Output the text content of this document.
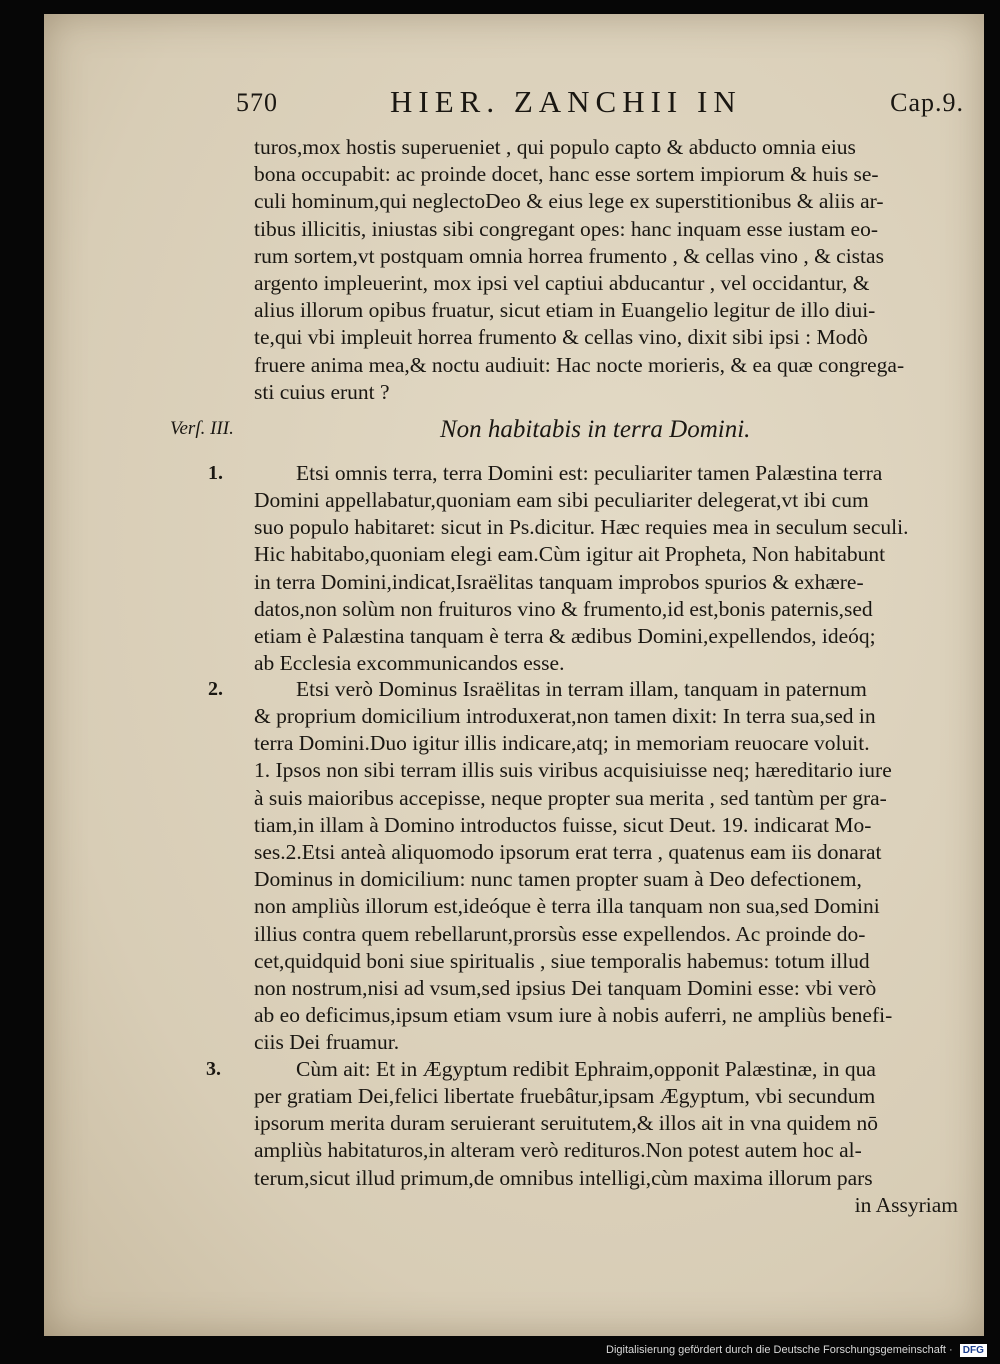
570	HIER. ZANCHII IN	Cap.9.
turos,mox hostis superueniet , qui populo capto & abducto omnia eius
bona occupabit: ac proinde docet, hanc esse sortem impiorum & huis se-
culi hominum,qui neglectoDeo & eius lege ex superstitionibus & aliis ar-
tibus illicitis, iniustas sibi congregant opes: hanc inquam esse iustam eo-
rum sortem,vt postquam omnia horrea frumento , & cellas vino , & cistas
argento impleuerint, mox ipsi vel captiui abducantur , vel occidantur, &
alius illorum opibus fruatur, sicut etiam in Euangelio legitur de illo diui-
te,qui vbi impleuit horrea frumento & cellas vino, dixit sibi ipsi : Modò
fruere anima mea,& noctu audiuit: Hac nocte morieris, & ea quæ congrega-
sti cuius erunt ?
Verſ. III.	Non habitabis in terra Domini.
1.	Etsi omnis terra, terra Domini est: peculiariter tamen Palæstina terra
Domini appellabatur,quoniam eam sibi peculiariter delegerat,vt ibi cum
suo populo habitaret: sicut in Ps.dicitur. Hæc requies mea in seculum seculi.
Hic habitabo,quoniam elegi eam.Cùm igitur ait Propheta, Non habitabunt
in terra Domini,indicat,Israëlitas tanquam improbos spurios & exhære-
datos,non solùm non fruituros vino & frumento,id est,bonis paternis,sed
etiam è Palæstina tanquam è terra & ædibus Domini,expellendos, ideóq;
ab Ecclesia excommunicandos esse.
2.	Etsi verò Dominus Israëlitas in terram illam, tanquam in paternum
& proprium domicilium introduxerat,non tamen dixit: In terra sua,sed in
terra Domini.Duo igitur illis indicare,atq; in memoriam reuocare voluit.
1. Ipsos non sibi terram illis suis viribus acquisiuisse neq; hæreditario iure
à suis maioribus accepisse, neque propter sua merita , sed tantùm per gra-
tiam,in illam à Domino introductos fuisse, sicut Deut. 19. indicarat Mo-
ses.2.Etsi anteà aliquomodo ipsorum erat terra , quatenus eam iis donarat
Dominus in domicilium: nunc tamen propter suam à Deo defectionem,
non ampliùs illorum est,ideóque è terra illa tanquam non sua,sed Domini
illius contra quem rebellarunt,prorsùs esse expellendos. Ac proinde do-
cet,quidquid boni siue spiritualis , siue temporalis habemus: totum illud
non nostrum,nisi ad vsum,sed ipsius Dei tanquam Domini esse: vbi verò
ab eo deficimus,ipsum etiam vsum iure à nobis auferri, ne ampliùs benefi-
ciis Dei fruamur.
3.	Cùm ait: Et in Ægyptum redibit Ephraim,opponit Palæstinæ, in qua
per gratiam Dei,felici libertate fruebâtur,ipsam Ægyptum, vbi secundum
ipsorum merita duram seruierant seruitutem,& illos ait in vna quidem nō
ampliùs habitaturos,in alteram verò redituros.Non potest autem hoc al-
terum,sicut illud primum,de omnibus intelligi,cùm maxima illorum pars
in Assyriam
Digitalisierung gefördert durch die Deutsche Forschungsgemeinschaft · DFG
